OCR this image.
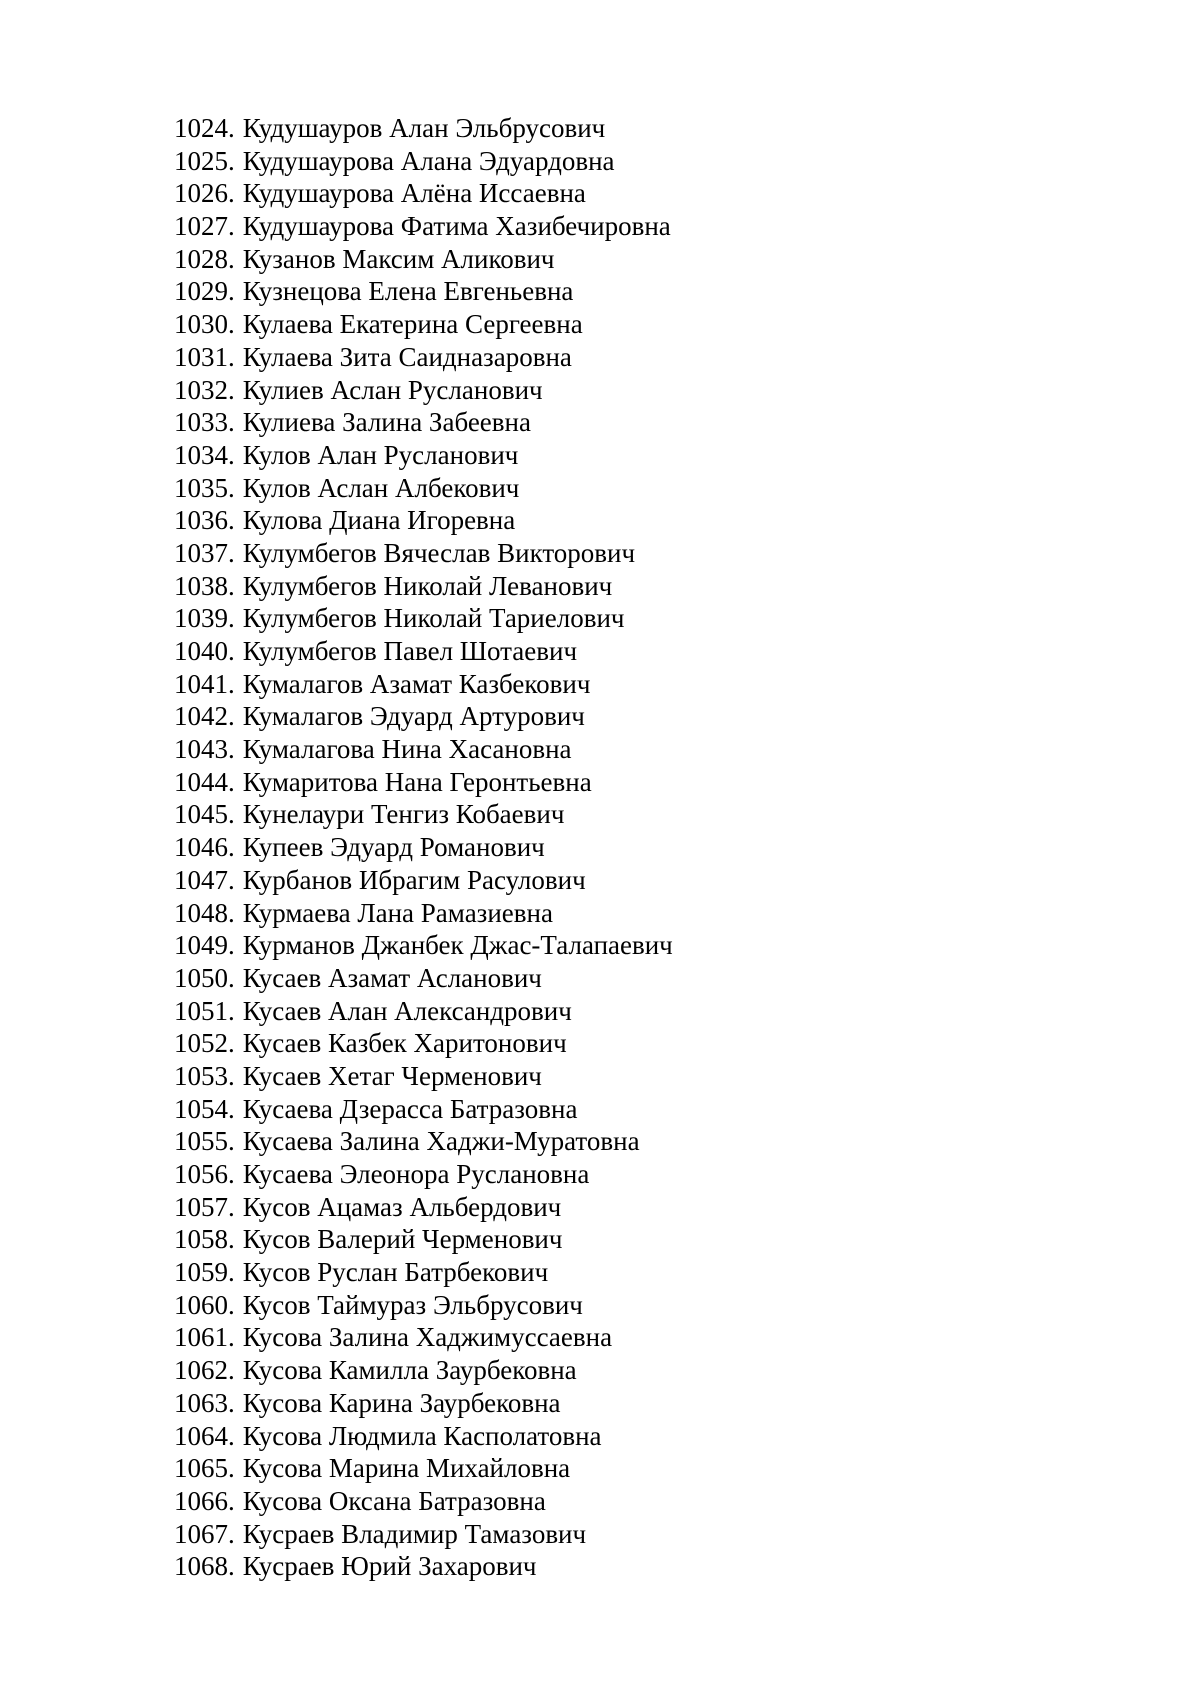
1024. Кудушауров Алан Эльбрусович
1025. Кудушаурова Алана Эдуардовна
1026. Кудушаурова Алёна Иссаевна
1027. Кудушаурова Фатима Хазибечировна
1028. Кузанов Максим Аликович
1029. Кузнецова Елена Евгеньевна
1030. Кулаева Екатерина Сергеевна
1031. Кулаева Зита Саидназаровна
1032. Кулиев Аслан Русланович
1033. Кулиева Залина Забеевна
1034. Кулов Алан Русланович
1035. Кулов Аслан Албекович
1036. Кулова Диана Игоревна
1037. Кулумбегов Вячеслав Викторович
1038. Кулумбегов Николай Леванович
1039. Кулумбегов Николай Тариелович
1040. Кулумбегов Павел Шотаевич
1041. Кумалагов Азамат Казбекович
1042. Кумалагов Эдуард Артурович
1043. Кумалагова Нина Хасановна
1044. Кумаритова Нана Геронтьевна
1045. Кунелаури Тенгиз Кобаевич
1046. Купеев Эдуард Романович
1047. Курбанов Ибрагим Расулович
1048. Курмаева Лана Рамазиевна
1049. Курманов Джанбек Джас-Талапаевич
1050. Кусаев Азамат Асланович
1051. Кусаев Алан Александрович
1052. Кусаев Казбек Харитонович
1053. Кусаев Хетаг Черменович
1054. Кусаева Дзерасса Батразовна
1055. Кусаева Залина Хаджи-Муратовна
1056. Кусаева Элеонора Руслановна
1057. Кусов Ацамаз Альбердович
1058. Кусов Валерий Черменович
1059. Кусов Руслан Батрбекович
1060. Кусов Таймураз Эльбрусович
1061. Кусова Залина Хаджимуссаевна
1062. Кусова Камилла Заурбековна
1063. Кусова Карина Заурбековна
1064. Кусова Людмила Касполатовна
1065. Кусова Марина Михайловна
1066. Кусова Оксана Батразовна
1067. Кусраев Владимир Тамазович
1068. Кусраев Юрий Захарович
